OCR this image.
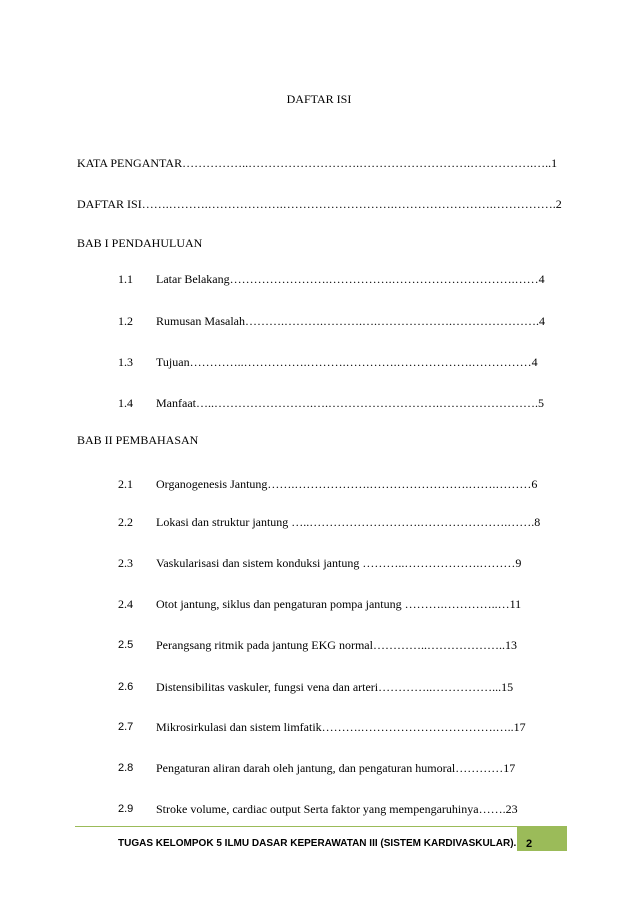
DAFTAR ISI
KATA PENGANTAR……………..……………………….……………………….…………….…..1
DAFTAR ISI…….……….……………….……………………….…………………….…………….2
BAB I PENDAHULUAN
1.1 Latar Belakang…………………….…………….………………………….……4
1.2 Rumusan Masalah……….……….……….….……………….………………….4
1.3 Tujuan…………..…………….……….………….……………….……………4
1.4 Manfaat…..…………………….….……………………….…………………….5
BAB II PEMBAHASAN
2.1 Organogenesis Jantung…….……………….…………………….…….………6
2.2 Lokasi dan struktur jantung …..……………………….………………….…….8
2.3 Vaskularisasi dan sistem konduksi jantung ………..……………….………9
2.4 Otot jantung, siklus dan pengaturan pompa jantung ……….…………..…11
2.5 Perangsang ritmik pada jantung EKG normal…………..………………..13
2.6 Distensibilitas vaskuler, fungsi vena dan arteri…………..……………...15
2.7 Mikrosirkulasi dan sistem limfatik……….…………………………….…..17
2.8 Pengaturan aliran darah oleh jantung, dan pengaturan humoral…………17
2.9 Stroke volume, cardiac output Serta faktor yang mempengaruhinya…….23
TUGAS KELOMPOK 5 ILMU DASAR KEPERAWATAN III (SISTEM KARDIVASKULAR). 2
